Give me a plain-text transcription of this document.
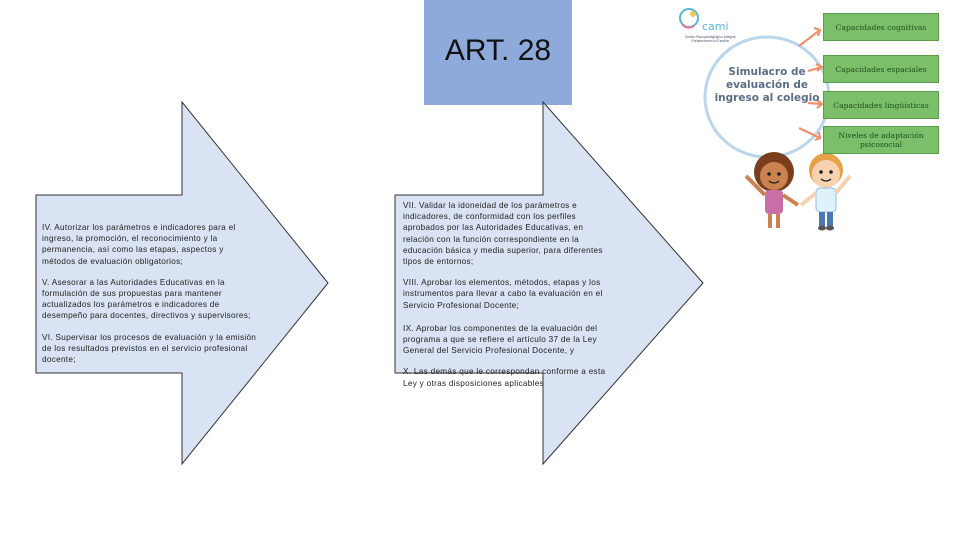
ART. 28

IV. Autorizar los parámetros e indicadores para el ingreso, la promoción, el reconocimiento y la permanencia, así como las etapas, aspectos y métodos de evaluación obligatorios;

V. Asesorar a las Autoridades Educativas en la formulación de sus propuestas para mantener actualizados los parámetros e indicadores de desempeño para docentes, directivos y supervisores;

VI. Supervisar los procesos de evaluación y la emisión de los resultados previstos en el servicio profesional docente;

VII. Validar la idoneidad de los parámetros e indicadores, de conformidad con los perfiles aprobados por las Autoridades Educativas, en relación con la función correspondiente en la educación básica y media superior, para diferentes tipos de entornos;

VIII. Aprobar los elementos, métodos, etapas y los instrumentos para llevar a cabo la evaluación en el Servicio Profesional Docente;

IX. Aprobar los componentes de la evaluación del programa a que se refiere el artículo 37 de la Ley General del Servicio Profesional Docente, y

X. Las demás que le correspondan conforme a esta Ley y otras disposiciones aplicables

cami
Centro Psicopedagógico Integral Fortaleciendo tu Familia
Simulacro de evaluación de ingreso al colegio
Capacidades cognitivas
Capacidades espaciales
Capacidades lingüísticas
Niveles de adaptación psicosocial
